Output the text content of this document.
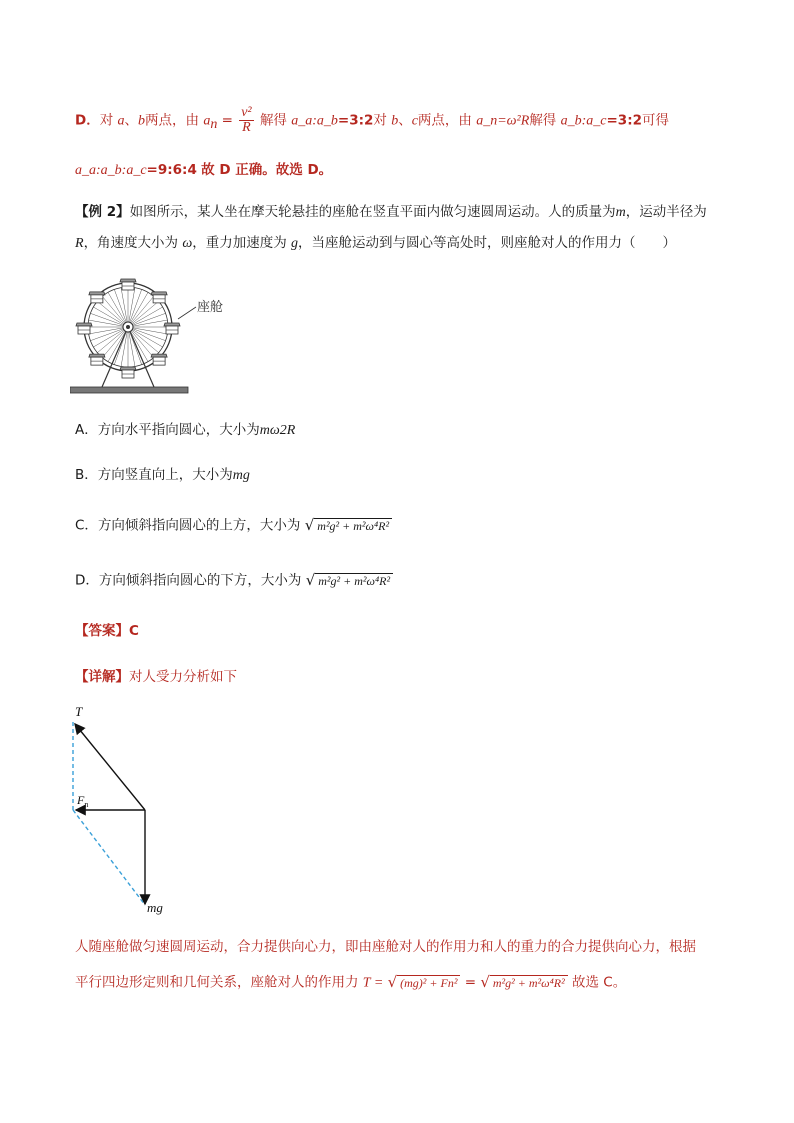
D．对 a、b两点，由 $a_n = \frac{\text{v²}}{R}$ 解得 a_a:a_b=3:2对 b、c两点，由 a_n=ω²R解得 a_b:a_c=3:2可得
a_a:a_b:a_c=9:6:4 故 D 正确。故选 D。
【例 2】如图所示，某人坐在摩天轮悬挂的座舱在竖直平面内做匀速圆周运动。人的质量为m，运动半径为
R，角速度大小为 ω，重力加速度为 g，当座舱运动到与圆心等高处时，则座舱对人的作用力（　　）
座舱
A．方向水平指向圆心，大小为mω2R
B．方向竖直向上，大小为mg
C．方向倾斜指向圆心的上方，大小为 √ m²g² + m²ω⁴R²
D．方向倾斜指向圆心的下方，大小为 √ m²g² + m²ω⁴R²
【答案】C
【详解】对人受力分析如下
T
$F_n$
mg
人随座舱做匀速圆周运动，合力提供向心力，即由座舱对人的作用力和人的重力的合力提供向心力，根据
平行四边形定则和几何关系，座舱对人的作用力 T = √ (mg)² + Fn² = √ m²g² + m²ω⁴R² 故选 C。
